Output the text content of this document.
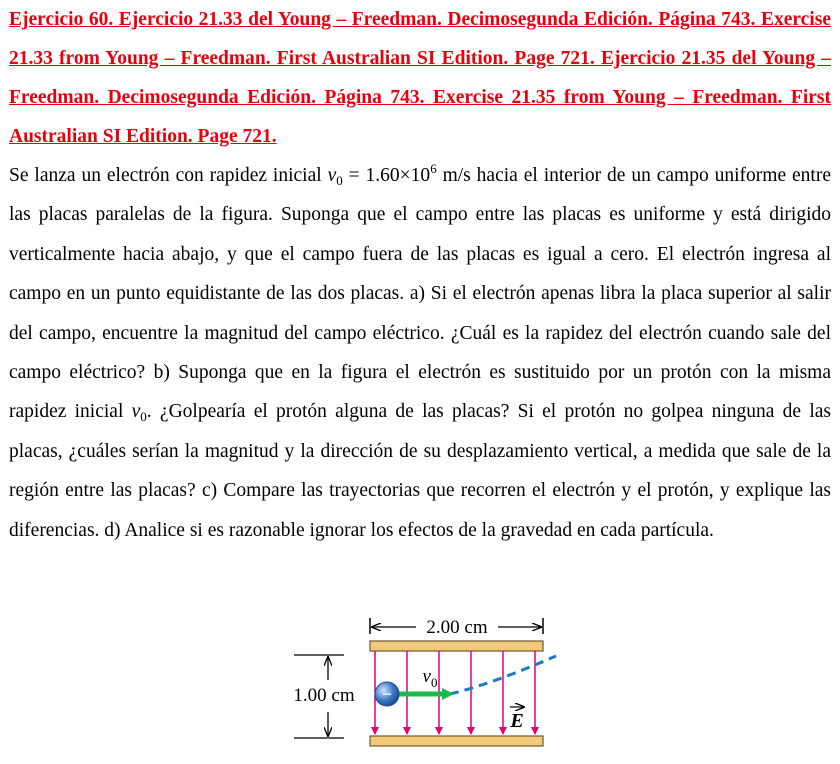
Ejercicio 60. Ejercicio 21.33 del Young – Freedman. Decimosegunda Edición. Página 743. Exercise 21.33 from Young – Freedman. First Australian SI Edition. Page 721. Ejercicio 21.35 del Young – Freedman. Decimosegunda Edición. Página 743. Exercise 21.35 from Young – Freedman. First Australian SI Edition. Page 721.

Se lanza un electrón con rapidez inicial $v_0 = 1.60\times 10^6$ m/s hacia el interior de un campo uniforme entre las placas paralelas de la figura. Suponga que el campo entre las placas es uniforme y está dirigido verticalmente hacia abajo, y que el campo fuera de las placas es igual a cero. El electrón ingresa al campo en un punto equidistante de las dos placas. a) Si el electrón apenas libra la placa superior al salir del campo, encuentre la magnitud del campo eléctrico. ¿Cuál es la rapidez del electrón cuando sale del campo eléctrico? b) Suponga que en la figura el electrón es sustituido por un protón con la misma rapidez inicial $v_0$. ¿Golpearía el protón alguna de las placas? Si el protón no golpea ninguna de las placas, ¿cuáles serían la magnitud y la dirección de su desplazamiento vertical, a medida que sale de la región entre las placas? c) Compare las trayectorias que recorren el electrón y el protón, y explique las diferencias. d) Analice si es razonable ignorar los efectos de la gravedad en cada partícula.

2.00 cm
1.00 cm
$v_0$
−
E
